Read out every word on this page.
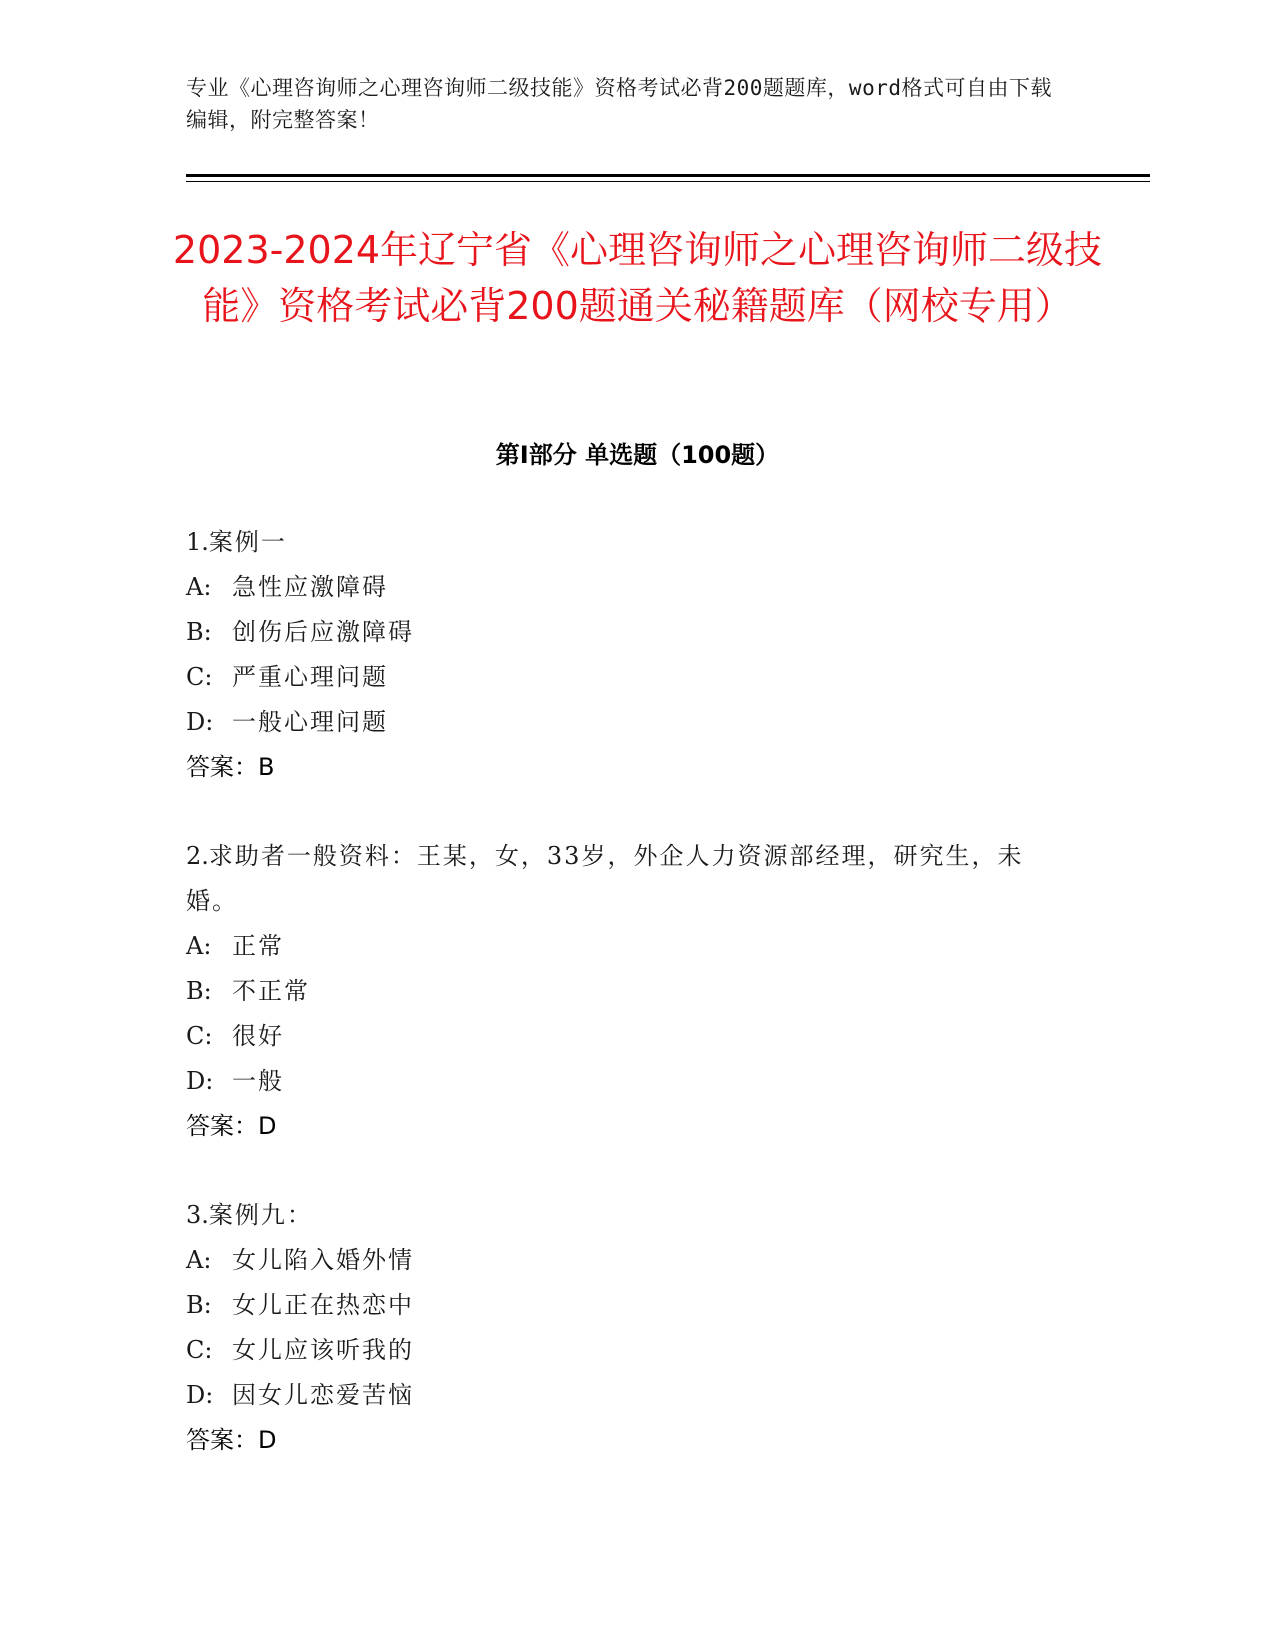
专业《心理咨询师之心理咨询师二级技能》资格考试必背200题题库，word格式可自由下载编辑，附完整答案！
2023-2024年辽宁省《心理咨询师之心理咨询师二级技能》资格考试必背200题通关秘籍题库（网校专用）
第Ⅰ部分 单选题（100题）
1.案例一
A: 急性应激障碍
B: 创伤后应激障碍
C: 严重心理问题
D: 一般心理问题
答案：B
2.求助者一般资料：王某，女，33岁，外企人力资源部经理，研究生，未婚。
A: 正常
B: 不正常
C: 很好
D: 一般
答案：D
3.案例九：
A: 女儿陷入婚外情
B: 女儿正在热恋中
C: 女儿应该听我的
D: 因女儿恋爱苦恼
答案：D
